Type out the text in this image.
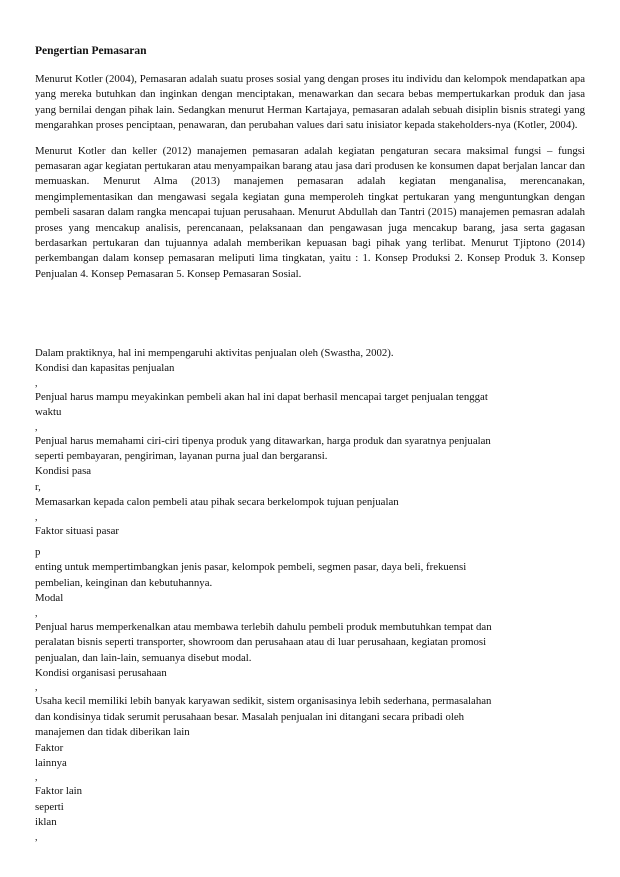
Pengertian Pemasaran

Menurut Kotler (2004), Pemasaran adalah suatu proses sosial yang dengan proses itu individu dan kelompok mendapatkan apa yang mereka butuhkan dan inginkan dengan menciptakan, menawarkan dan secara bebas mempertukarkan produk dan jasa yang bernilai dengan pihak lain. Sedangkan menurut Herman Kartajaya, pemasaran adalah sebuah disiplin bisnis strategi yang mengarahkan proses penciptaan, penawaran, dan perubahan values dari satu inisiator kepada stakeholders-nya (Kotler, 2004).

Menurut Kotler dan keller (2012) manajemen pemasaran adalah kegiatan pengaturan secara maksimal fungsi – fungsi pemasaran agar kegiatan pertukaran atau menyampaikan barang atau jasa dari produsen ke konsumen dapat berjalan lancar dan memuaskan. Menurut Alma (2013) manajemen pemasaran adalah kegiatan menganalisa, merencanakan, mengimplementasikan dan mengawasi segala kegiatan guna memperoleh tingkat pertukaran yang menguntungkan dengan pembeli sasaran dalam rangka mencapai tujuan perusahaan. Menurut Abdullah dan Tantri (2015) manajemen pemasran adalah proses yang mencakup analisis, perencanaan, pelaksanaan dan pengawasan juga mencakup barang, jasa serta gagasan berdasarkan pertukaran dan tujuannya adalah memberikan kepuasan bagi pihak yang terlibat. Menurut Tjiptono (2014) perkembangan dalam konsep pemasaran meliputi lima tingkatan, yaitu : 1. Konsep Produksi 2. Konsep Produk 3. Konsep Penjualan 4. Konsep Pemasaran 5. Konsep Pemasaran Sosial.

Dalam praktiknya, hal ini mempengaruhi aktivitas penjualan oleh (Swastha, 2002).
Kondisi dan kapasitas penjualan
,
Penjual harus mampu meyakinkan pembeli akan hal ini dapat berhasil mencapai target penjualan tenggat
waktu
,
Penjual harus memahami ciri-ciri tipenya produk yang ditawarkan, harga produk dan syaratnya penjualan
seperti pembayaran, pengiriman, layanan purna jual dan bergaransi.
Kondisi pasa
r,
Memasarkan kepada calon pembeli atau pihak secara berkelompok tujuan penjualan
,
Faktor situasi pasar
p
enting untuk mempertimbangkan jenis pasar, kelompok pembeli, segmen pasar, daya beli, frekuensi
pembelian, keinginan dan kebutuhannya.
Modal
,
Penjual harus memperkenalkan atau membawa terlebih dahulu pembeli produk membutuhkan tempat dan
peralatan bisnis seperti transporter, showroom dan perusahaan atau di luar perusahaan, kegiatan promosi
penjualan, dan lain-lain, semuanya disebut modal.
Kondisi organisasi perusahaan
,
Usaha kecil memiliki lebih banyak karyawan sedikit, sistem organisasinya lebih sederhana, permasalahan
dan kondisinya tidak serumit perusahaan besar. Masalah penjualan ini ditangani secara pribadi oleh
manajemen dan tidak diberikan lain
Faktor
lainnya
,
Faktor lain
seperti
iklan
,
